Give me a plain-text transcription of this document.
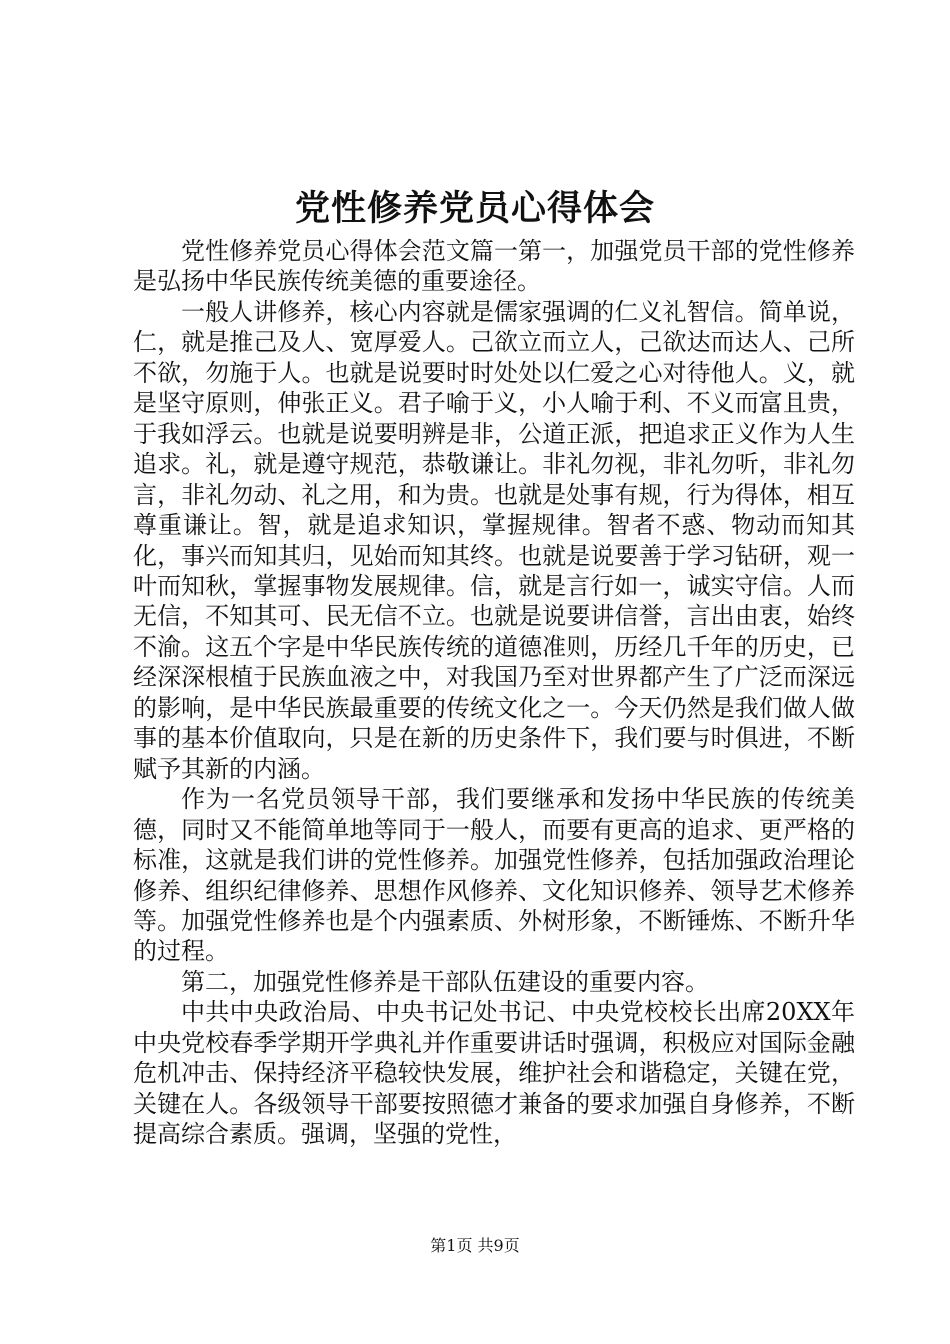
党性修养党员心得体会

党性修养党员心得体会范文篇一第一，加强党员干部的党性修养是弘扬中华民族传统美德的重要途径。

一般人讲修养，核心内容就是儒家强调的仁义礼智信。简单说，仁，就是推己及人、宽厚爱人。己欲立而立人，己欲达而达人、己所不欲，勿施于人。也就是说要时时处处以仁爱之心对待他人。义，就是坚守原则，伸张正义。君子喻于义，小人喻于利、不义而富且贵，于我如浮云。也就是说要明辨是非，公道正派，把追求正义作为人生追求。礼，就是遵守规范，恭敬谦让。非礼勿视，非礼勿听，非礼勿言，非礼勿动、礼之用，和为贵。也就是处事有规，行为得体，相互尊重谦让。智，就是追求知识，掌握规律。智者不惑、物动而知其化，事兴而知其归，见始而知其终。也就是说要善于学习钻研，观一叶而知秋，掌握事物发展规律。信，就是言行如一，诚实守信。人而无信，不知其可、民无信不立。也就是说要讲信誉，言出由衷，始终不渝。这五个字是中华民族传统的道德准则，历经几千年的历史，已经深深根植于民族血液之中，对我国乃至对世界都产生了广泛而深远的影响，是中华民族最重要的传统文化之一。今天仍然是我们做人做事的基本价值取向，只是在新的历史条件下，我们要与时俱进，不断赋予其新的内涵。

作为一名党员领导干部，我们要继承和发扬中华民族的传统美德，同时又不能简单地等同于一般人，而要有更高的追求、更严格的标准，这就是我们讲的党性修养。加强党性修养，包括加强政治理论修养、组织纪律修养、思想作风修养、文化知识修养、领导艺术修养等。加强党性修养也是个内强素质、外树形象，不断锤炼、不断升华的过程。

第二，加强党性修养是干部队伍建设的重要内容。

中共中央政治局、中央书记处书记、中央党校校长出席20XX年中央党校春季学期开学典礼并作重要讲话时强调，积极应对国际金融危机冲击、保持经济平稳较快发展，维护社会和谐稳定，关键在党，关键在人。各级领导干部要按照德才兼备的要求加强自身修养，不断提高综合素质。强调，坚强的党性，

第1页 共9页
